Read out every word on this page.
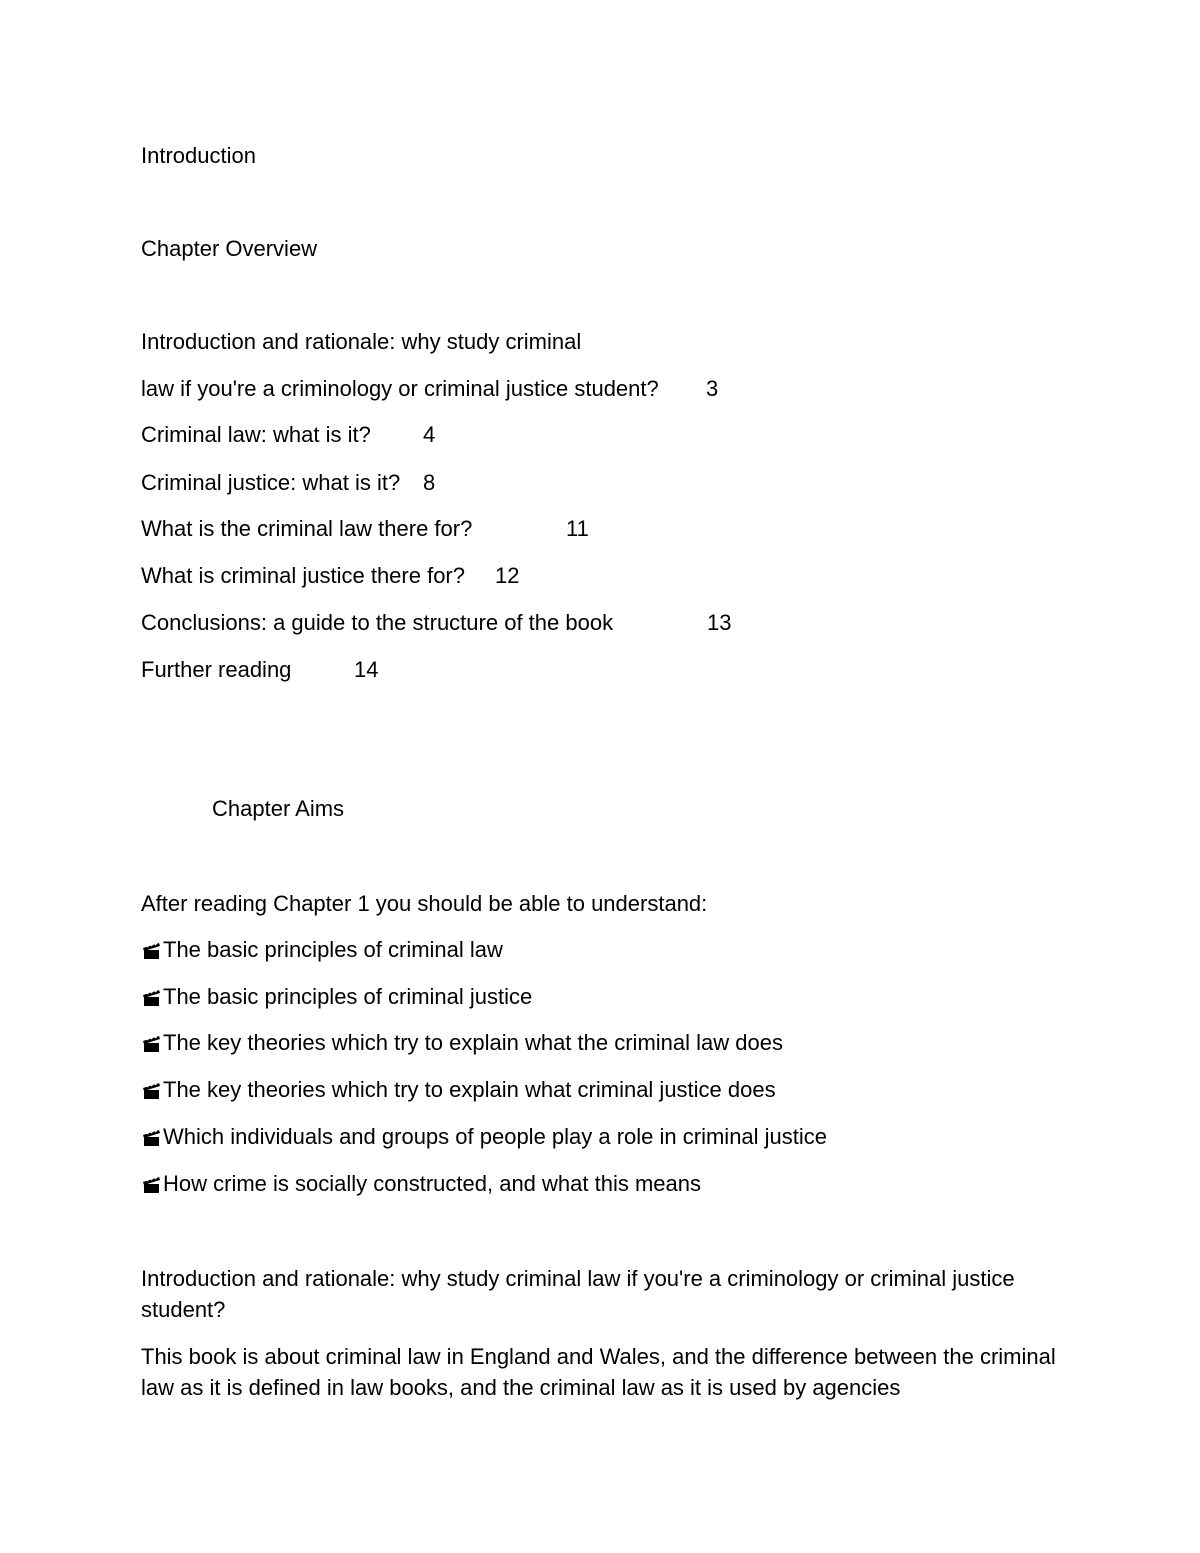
Introduction
Chapter Overview
Introduction and rationale: why study criminal
law if you're a criminology or criminal justice student? 3
Criminal law: what is it? 4
Criminal justice: what is it? 8
What is the criminal law there for?	11
What is criminal justice there for? 12
Conclusions: a guide to the structure of the book	13
Further reading	14
Chapter Aims
After reading Chapter 1 you should be able to understand:
The basic principles of criminal law
The basic principles of criminal justice
The key theories which try to explain what the criminal law does
The key theories which try to explain what criminal justice does
Which individuals and groups of people play a role in criminal justice
How crime is socially constructed, and what this means
Introduction and rationale: why study criminal law if you're a criminology or criminal justice student?
This book is about criminal law in England and Wales, and the difference between the criminal law as it is defined in law books, and the criminal law as it is used by agencies
